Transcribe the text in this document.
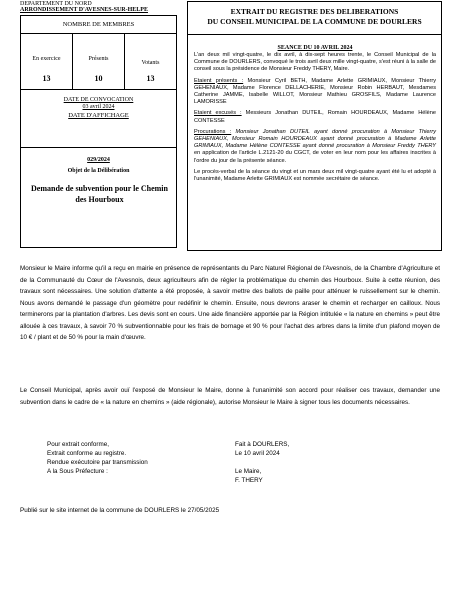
DEPARTEMENT DU NORD
ARRONDISSEMENT D'AVESNES-SUR-HELPE
NOMBRE DE MEMBRES
En exercice
13
Présents
10
Votants
13
DATE DE CONVOCATION
03 avril 2024
DATE D'AFFICHAGE
029/2024
Objet de la Délibération
Demande de subvention pour le Chemin des Hourboux
EXTRAIT DU REGISTRE DES DELIBERATIONS
DU CONSEIL MUNICIPAL DE LA COMMUNE DE DOURLERS
SEANCE DU 10 AVRIL 2024

L'an deux mil vingt-quatre, le dix avril, à dix-sept heures trente, le Conseil Municipal de la Commune de DOURLERS, convoqué le trois avril deux mille vingt-quatre, s'est réuni à la salle de conseil sous la présidence de Monsieur Freddy THERY, Maire.

Etaient présents : Monsieur Cyril BETH, Madame Arlette GRIMIAUX, Monsieur Thierry GEHENIAUX, Madame Florence DELLACHERIE, Monsieur Robin HERBAUT, Mesdames Catherine JAMME, Isabelle WILLOT, Monsieur Mathieu GROSFILS, Madame Laurence LAMORISSE

Etaient excusés : Messieurs Jonathan DUTEIL, Romain HOURDEAUX, Madame Hélène CONTESSE

Procurations : Monsieur Jonathan DUTEIL ayant donné procuration à Monsieur Thierry GEHENIAUX, Monsieur Romain HOURDEAUX ayant donné procuration à Madame Arlette GRIMIAUX, Madame Hélène CONTESSE ayant donné procuration à Monsieur Freddy THERY en application de l'article L.2121-20 du CGCT, de voter en leur nom pour les affaires inscrites à l'ordre du jour de la présente séance.

Le procès-verbal de la séance du vingt et un mars deux mil vingt-quatre ayant été lu et adopté à l'unanimité, Madame Arlette GRIMIAUX est nommée secrétaire de séance.

Monsieur le Maire informe qu'il a reçu en mairie en présence de représentants du Parc Naturel Régional de l'Avesnois, de la Chambre d'Agriculture et de la Communauté du Cœur de l'Avesnois, deux agriculteurs afin de régler la problématique du chemin des Hourboux. Suite à cette réunion, des travaux sont nécessaires. Une solution d'attente a été proposée, à savoir mettre des ballots de paille pour atténuer le ruissellement sur le chemin. Nous avons demandé le passage d'un géomètre pour redéfinir le chemin. Ensuite, nous devrons araser le chemin et recharger en cailloux. Nous terminerons par la plantation d'arbres. Les devis sont en cours. Une aide financière apportée par la Région intitulée « la nature en chemins » peut être allouée à ces travaux, à savoir 70 % subventionnable pour les frais de bornage et 90 % pour l'achat des arbres dans la limite d'un plafond moyen de 10 € / plant et de 50 % pour la main d'œuvre.
Le Conseil Municipal, après avoir ouï l'exposé de Monsieur le Maire, donne à l'unanimité son accord pour réaliser ces travaux, demander une subvention dans le cadre de « la nature en chemins » (aide régionale), autorise Monsieur le Maire à signer tous les documents nécessaires.
Pour extrait conforme,
Extrait conforme au registre.
Rendue exécutoire par transmission
A la Sous Préfecture :
Fait à DOURLERS,
Le 10 avril 2024
Le Maire,
F. THERY
Publié sur le site internet de la commune de DOURLERS le 27/05/2025
